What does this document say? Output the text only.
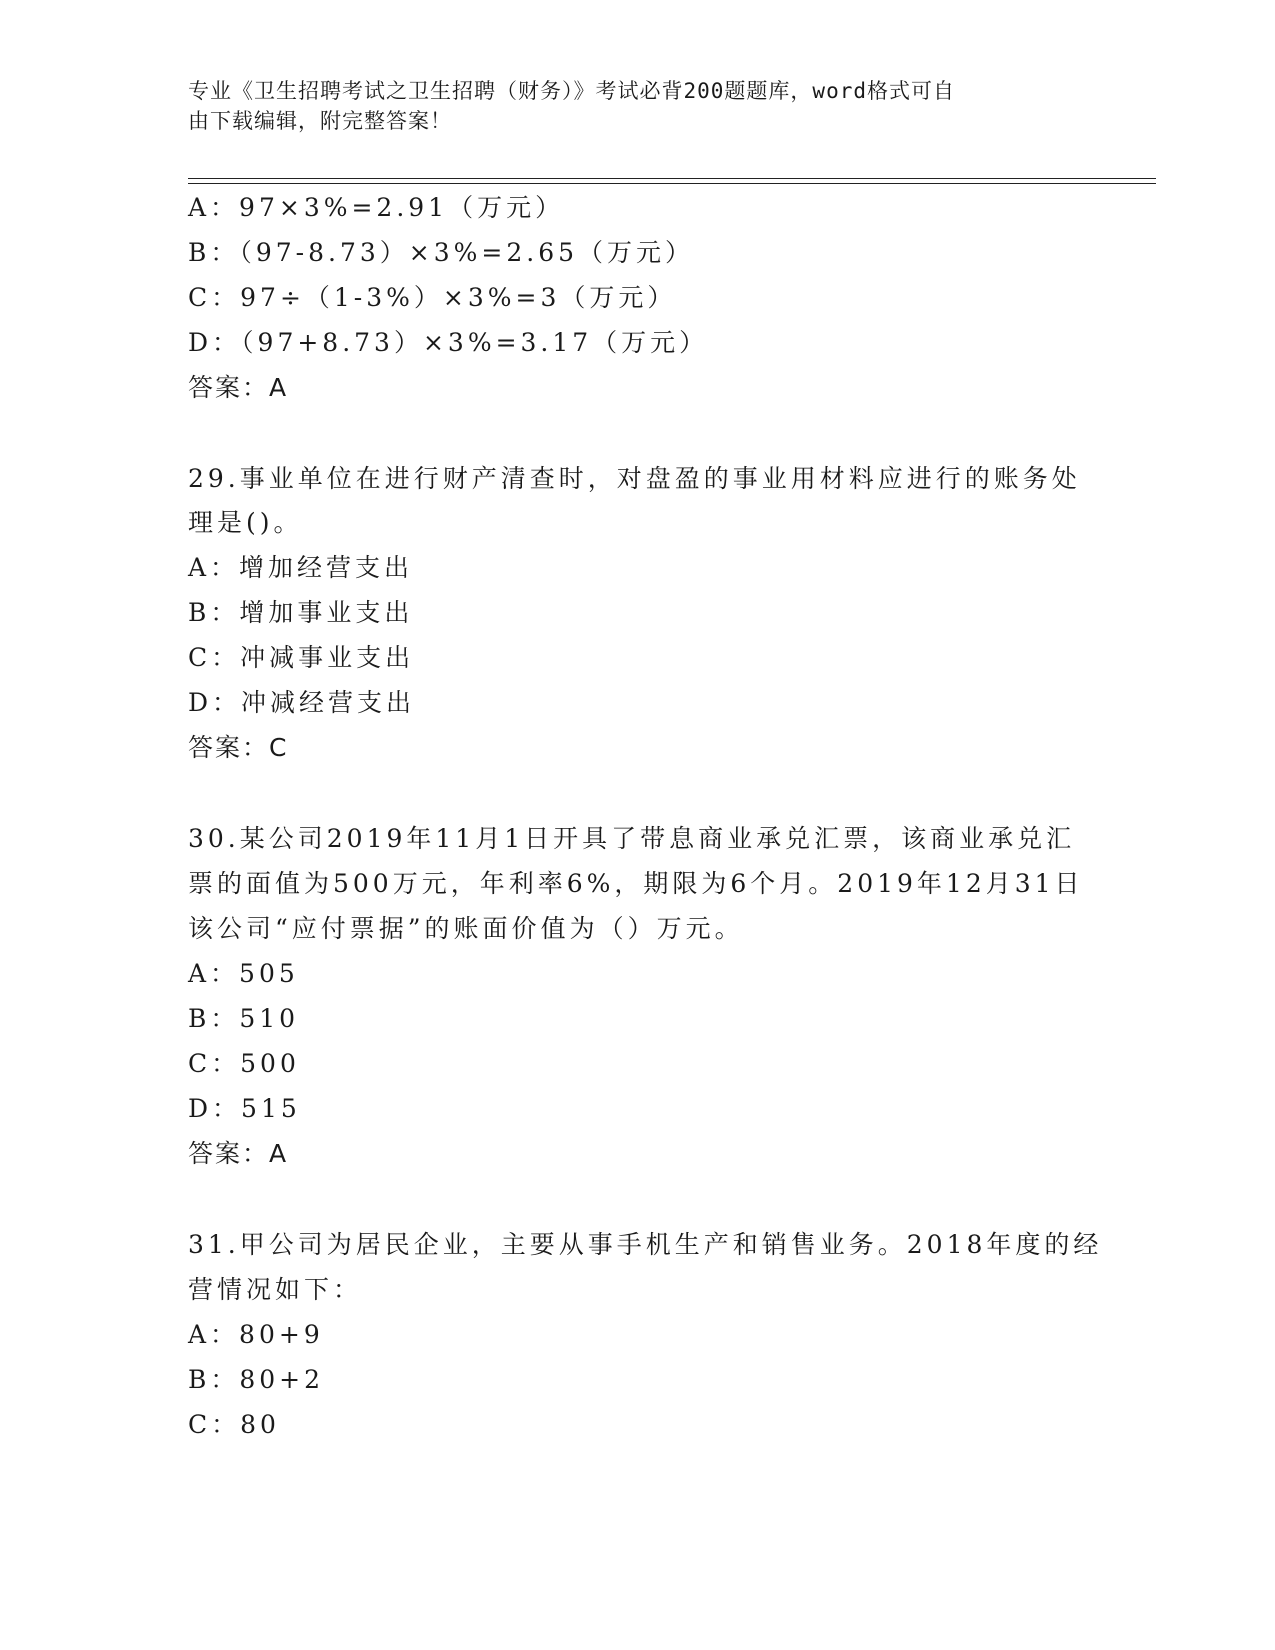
专业《卫生招聘考试之卫生招聘（财务）》考试必背200题题库，word格式可自
由下载编辑，附完整答案！
A：97×3%=2.91（万元）
B：（97-8.73）×3%=2.65（万元）
C：97÷（1-3%）×3%=3（万元）
D：（97+8.73）×3%=3.17（万元）
答案：A
29.事业单位在进行财产清查时，对盘盈的事业用材料应进行的账务处
理是()。
A：增加经营支出
B：增加事业支出
C：冲减事业支出
D：冲减经营支出
答案：C
30.某公司2019年11月1日开具了带息商业承兑汇票，该商业承兑汇
票的面值为500万元，年利率6%，期限为6个月。2019年12月31日
该公司“应付票据”的账面价值为（）万元。
A：505
B：510
C：500
D：515
答案：A
31.甲公司为居民企业，主要从事手机生产和销售业务。2018年度的经
营情况如下：
A：80+9
B：80+2
C：80
